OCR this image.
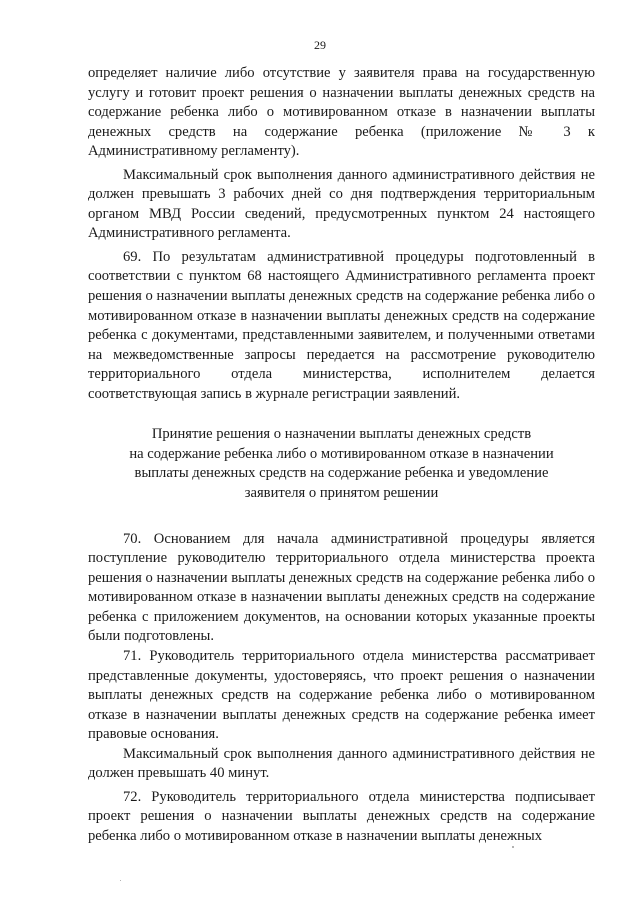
29

определяет наличие либо отсутствие у заявителя права на государственную услугу и готовит проект решения о назначении выплаты денежных средств на содержание ребенка либо о мотивированном отказе в назначении выплаты денежных средств на содержание ребенка (приложение № 3 к Административному регламенту).

Максимальный срок выполнения данного административного действия не должен превышать 3 рабочих дней со дня подтверждения территориальным органом МВД России сведений, предусмотренных пунктом 24 настоящего Административного регламента.

69. По результатам административной процедуры подготовленный в соответствии с пунктом 68 настоящего Административного регламента проект решения о назначении выплаты денежных средств на содержание ребенка либо о мотивированном отказе в назначении выплаты денежных средств на содержание ребенка с документами, представленными заявителем, и полученными ответами на межведомственные запросы передается на рассмотрение руководителю территориального отдела министерства, исполнителем делается соответствующая запись в журнале регистрации заявлений.

Принятие решения о назначении выплаты денежных средств
на содержание ребенка либо о мотивированном отказе в назначении
выплаты денежных средств на содержание ребенка и уведомление
заявителя о принятом решении

70. Основанием для начала административной процедуры является поступление руководителю территориального отдела министерства проекта решения о назначении выплаты денежных средств на содержание ребенка либо о мотивированном отказе в назначении выплаты денежных средств на содержание ребенка с приложением документов, на основании которых указанные проекты были подготовлены.

71. Руководитель территориального отдела министерства рассматривает представленные документы, удостоверяясь, что проект решения о назначении выплаты денежных средств на содержание ребенка либо о мотивированном отказе в назначении выплаты денежных средств на содержание ребенка имеет правовые основания.

Максимальный срок выполнения данного административного действия не должен превышать 40 минут.

72. Руководитель территориального отдела министерства подписывает проект решения о назначении выплаты денежных средств на содержание ребенка либо о мотивированном отказе в назначении выплаты денежных
